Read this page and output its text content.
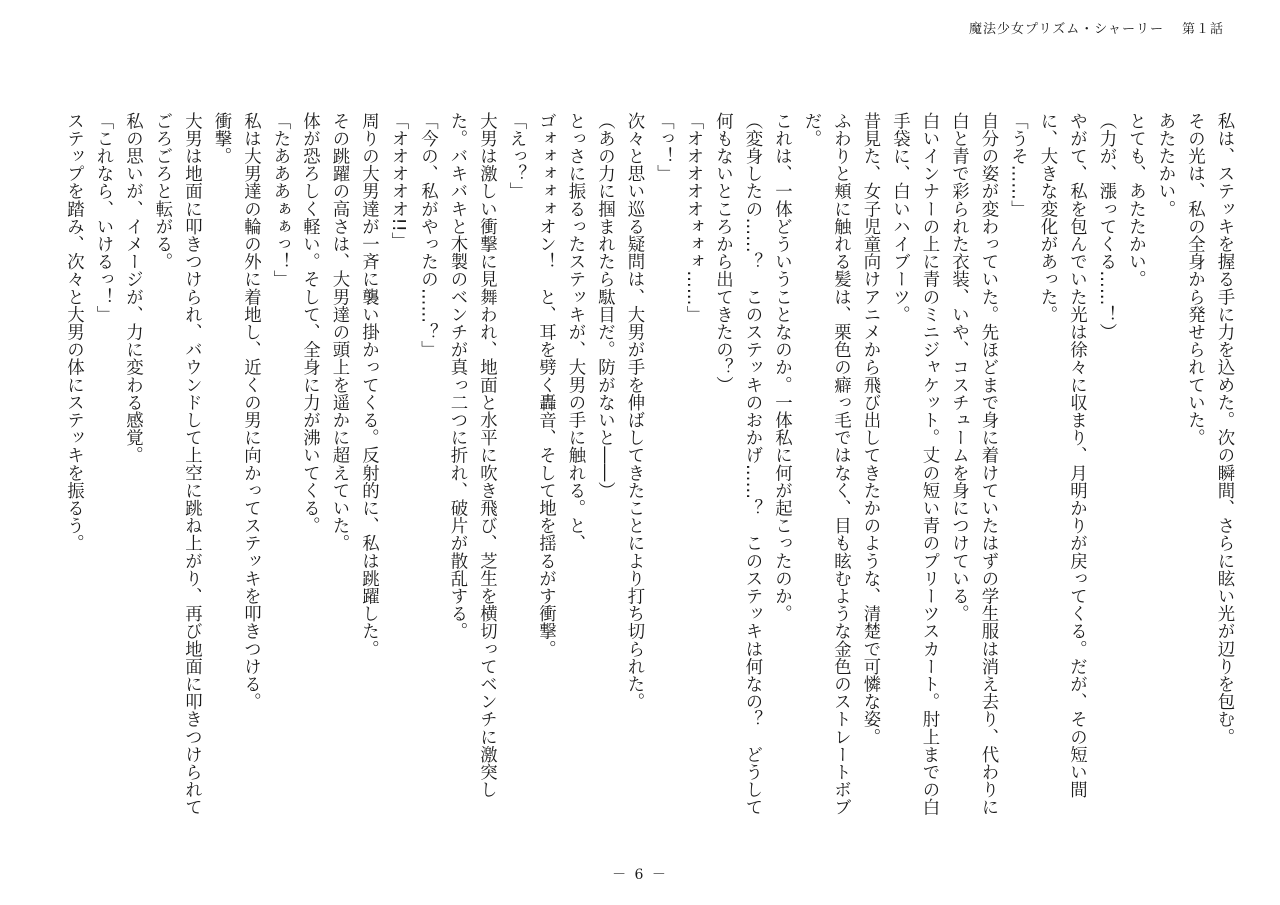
魔法少女プリズム・シャーリー 第１話

私は、ステッキを握る手に力を込めた。次の瞬間、さらに眩い光が辺りを包む。

その光は、私の全身から発せられていた。

あたたかい。

とても、あたたかい。

（力が、漲ってくる……！）

やがて、私を包んでいた光は徐々に収まり、月明かりが戻ってくる。だが、その短い間に、大きな変化があった。

「うそ……」

自分の姿が変わっていた。先ほどまで身に着けていたはずの学生服は消え去り、代わりに白と青で彩られた衣装、いや、コスチュームを身につけている。

白いインナーの上に青のミニジャケット。丈の短い青のプリーツスカート。肘上までの白手袋に、白いハイブーツ。

昔見た、女子児童向けアニメから飛び出してきたかのような、清楚で可憐な姿。

ふわりと頬に触れる髪は、栗色の癖っ毛ではなく、目も眩むような金色のストレートボブだ。

これは、一体どういうことなのか。一体私に何が起こったのか。

（変身したの……？　このステッキのおかげ……？　このステッキは何なの？　どうして何もないところから出てきたの？）

「オオオオオォォォ……」

「っ！」

次々と思い巡る疑問は、大男が手を伸ばしてきたことにより打ち切られた。

（あの力に掴まれたら駄目だ。防がないと――）

とっさに振るったステッキが、大男の手に触れる。と、

ゴォォォォォオン！　と、耳を劈く轟音、そして地を揺るがす衝撃。

「えっ？」

大男は激しい衝撃に見舞われ、地面と水平に吹き飛び、芝生を横切ってベンチに激突した。バキバキと木製のベンチが真っ二つに折れ、破片が散乱する。

「今の、私がやったの……？」

「オオオオオ!!」

周りの大男達が一斉に襲い掛かってくる。反射的に、私は跳躍した。

その跳躍の高さは、大男達の頭上を遥かに超えていた。

体が恐ろしく軽い。そして、全身に力が沸いてくる。

「たあああぁぁっ！」

私は大男達の輪の外に着地し、近くの男に向かってステッキを叩きつける。

衝撃。

大男は地面に叩きつけられ、バウンドして上空に跳ね上がり、再び地面に叩きつけられてごろごろと転がる。

私の思いが、イメージが、力に変わる感覚。

「これなら、いけるっ！」

ステップを踏み、次々と大男の体にステッキを振るう。

－ 6 －
